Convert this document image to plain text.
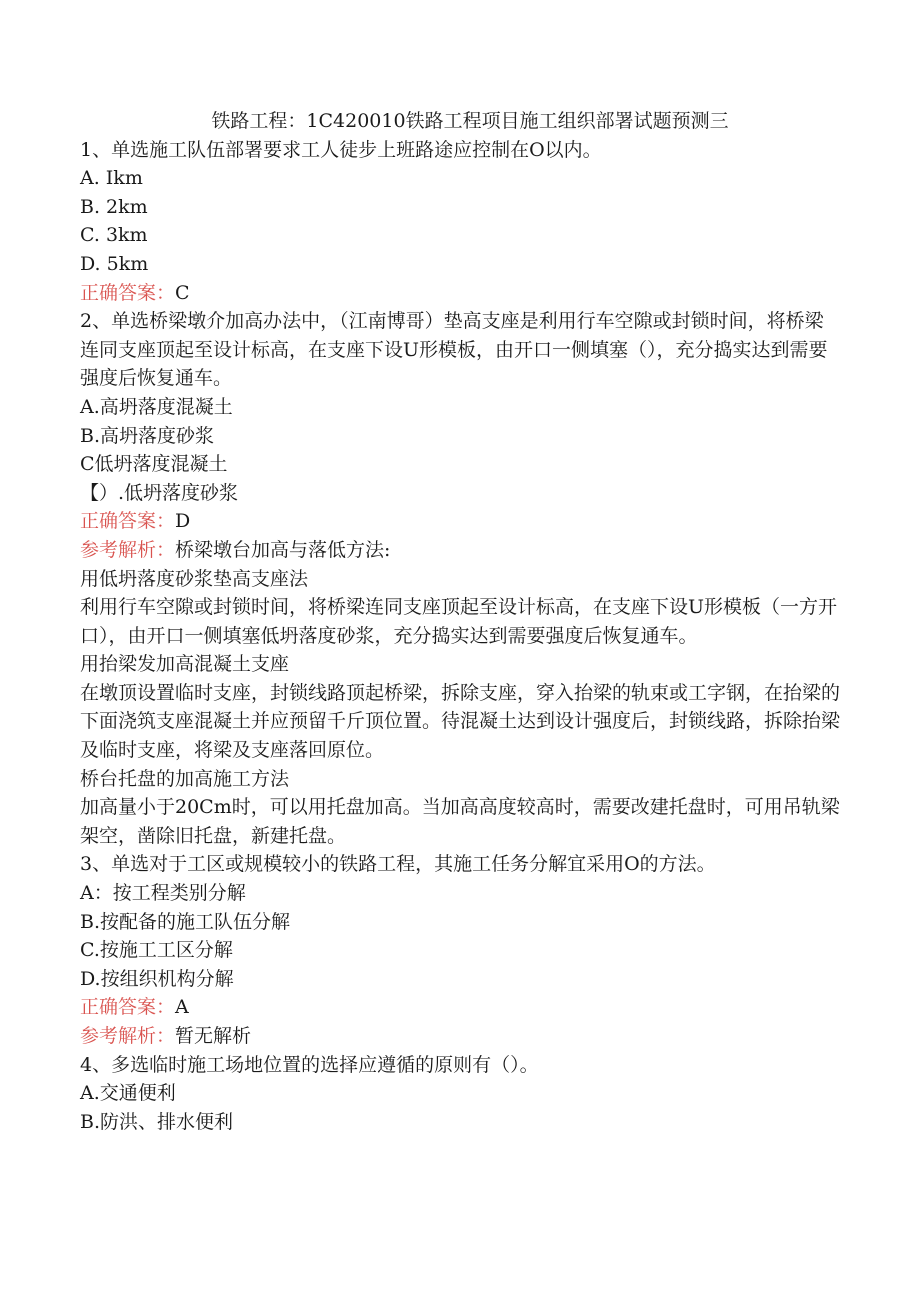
铁路工程：1C420010铁路工程项目施工组织部署试题预测三
1、单选施工队伍部署要求工人徒步上班路途应控制在O以内。
A. Ikm
B. 2km
C. 3km
D. 5km
正确答案：C
2、单选桥梁墩介加高办法中，（江南博哥）垫高支座是利用行车空隙或封锁时间，将桥梁连同支座顶起至设计标高，在支座下设U形模板，由开口一侧填塞（），充分捣实达到需要强度后恢复通车。
A.高坍落度混凝土
B.高坍落度砂浆
C低坍落度混凝土
【）.低坍落度砂浆
正确答案：D
参考解析：桥梁墩台加高与落低方法:
用低坍落度砂浆垫高支座法
利用行车空隙或封锁时间，将桥梁连同支座顶起至设计标高，在支座下设U形模板（一方开口），由开口一侧填塞低坍落度砂浆，充分捣实达到需要强度后恢复通车。
用抬梁发加高混凝土支座
在墩顶设置临时支座，封锁线路顶起桥梁，拆除支座，穿入抬梁的轨束或工字钢，在抬梁的下面浇筑支座混凝土并应预留千斤顶位置。待混凝土达到设计强度后，封锁线路，拆除抬梁及临时支座，将梁及支座落回原位。
桥台托盘的加高施工方法
加高量小于20Cm时，可以用托盘加高。当加高高度较高时，需要改建托盘时，可用吊轨梁架空，凿除旧托盘，新建托盘。
3、单选对于工区或规模较小的铁路工程，其施工任务分解宜采用O的方法。
A：按工程类别分解
B.按配备的施工队伍分解
C.按施工工区分解
D.按组织机构分解
正确答案：A
参考解析：暂无解析
4、多选临时施工场地位置的选择应遵循的原则有（）。
A.交通便利
B.防洪、排水便利
